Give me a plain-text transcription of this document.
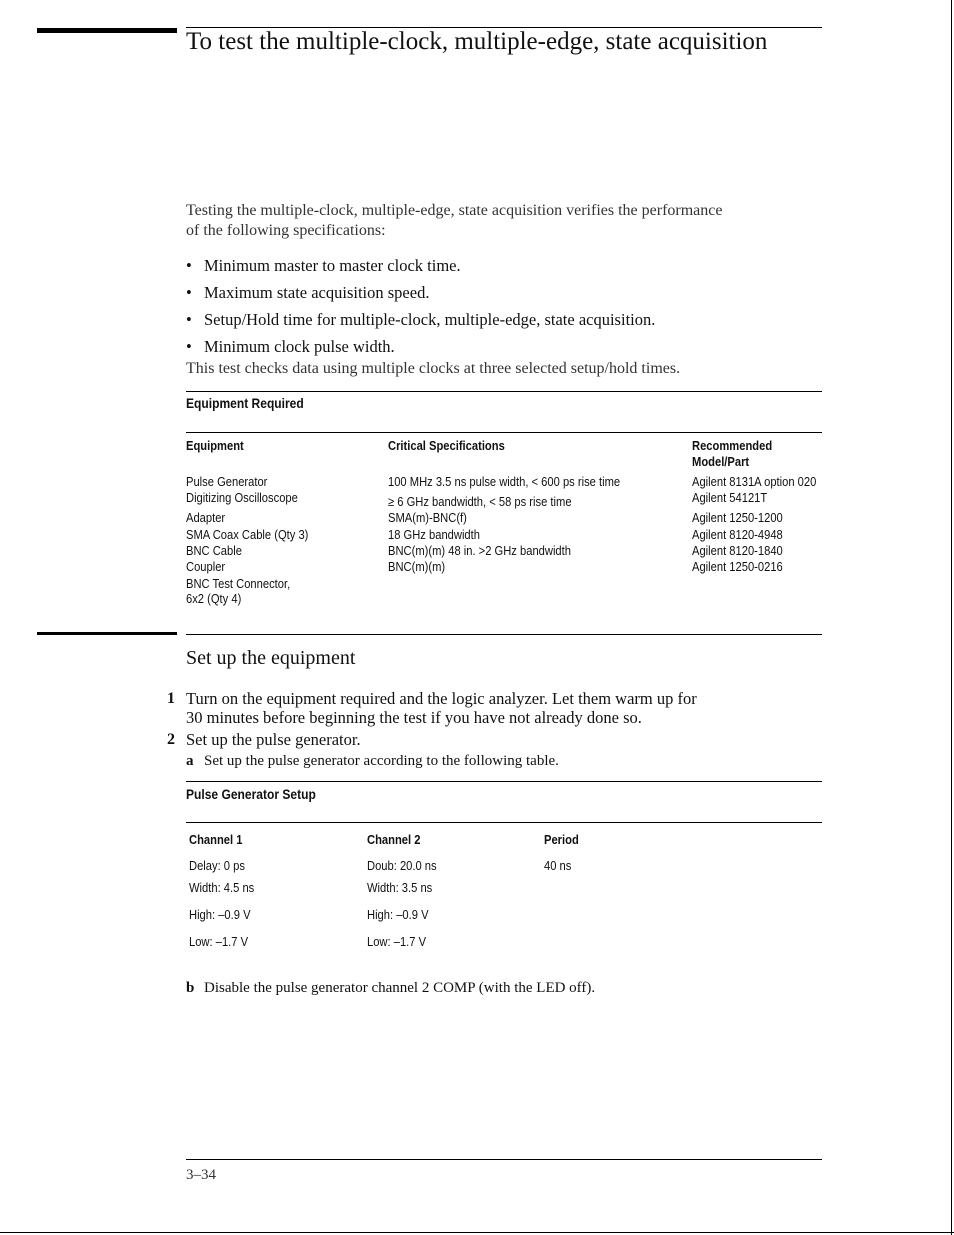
To test the multiple-clock, multiple-edge, state acquisition
Testing the multiple-clock, multiple-edge, state acquisition verifies the performance
of the following specifications:
• Minimum master to master clock time.
• Maximum state acquisition speed.
• Setup/Hold time for multiple-clock, multiple-edge, state acquisition.
• Minimum clock pulse width.
This test checks data using multiple clocks at three selected setup/hold times.
Equipment Required
Equipment	Critical Specifications	Recommended
Model/Part
Pulse Generator	100 MHz 3.5 ns pulse width, < 600 ps rise time	Agilent 8131A option 020
Digitizing Oscilloscope	≥ 6 GHz bandwidth, < 58 ps rise time	Agilent 54121T
Adapter	SMA(m)-BNC(f)	Agilent 1250-1200
SMA Coax Cable (Qty 3)	18 GHz bandwidth	Agilent 8120-4948
BNC Cable	BNC(m)(m) 48 in. >2 GHz bandwidth	Agilent 8120-1840
Coupler	BNC(m)(m)	Agilent 1250-0216
BNC Test Connector,
6x2 (Qty 4)
Set up the equipment
1 Turn on the equipment required and the logic analyzer. Let them warm up for
30 minutes before beginning the test if you have not already done so.
2 Set up the pulse generator.
a Set up the pulse generator according to the following table.
Pulse Generator Setup
Channel 1	Channel 2	Period
Delay: 0 ps	Doub: 20.0 ns	40 ns
Width: 4.5 ns	Width: 3.5 ns
High: –0.9 V	High: –0.9 V
Low: –1.7 V	Low: –1.7 V
b Disable the pulse generator channel 2 COMP (with the LED off).
3–34
